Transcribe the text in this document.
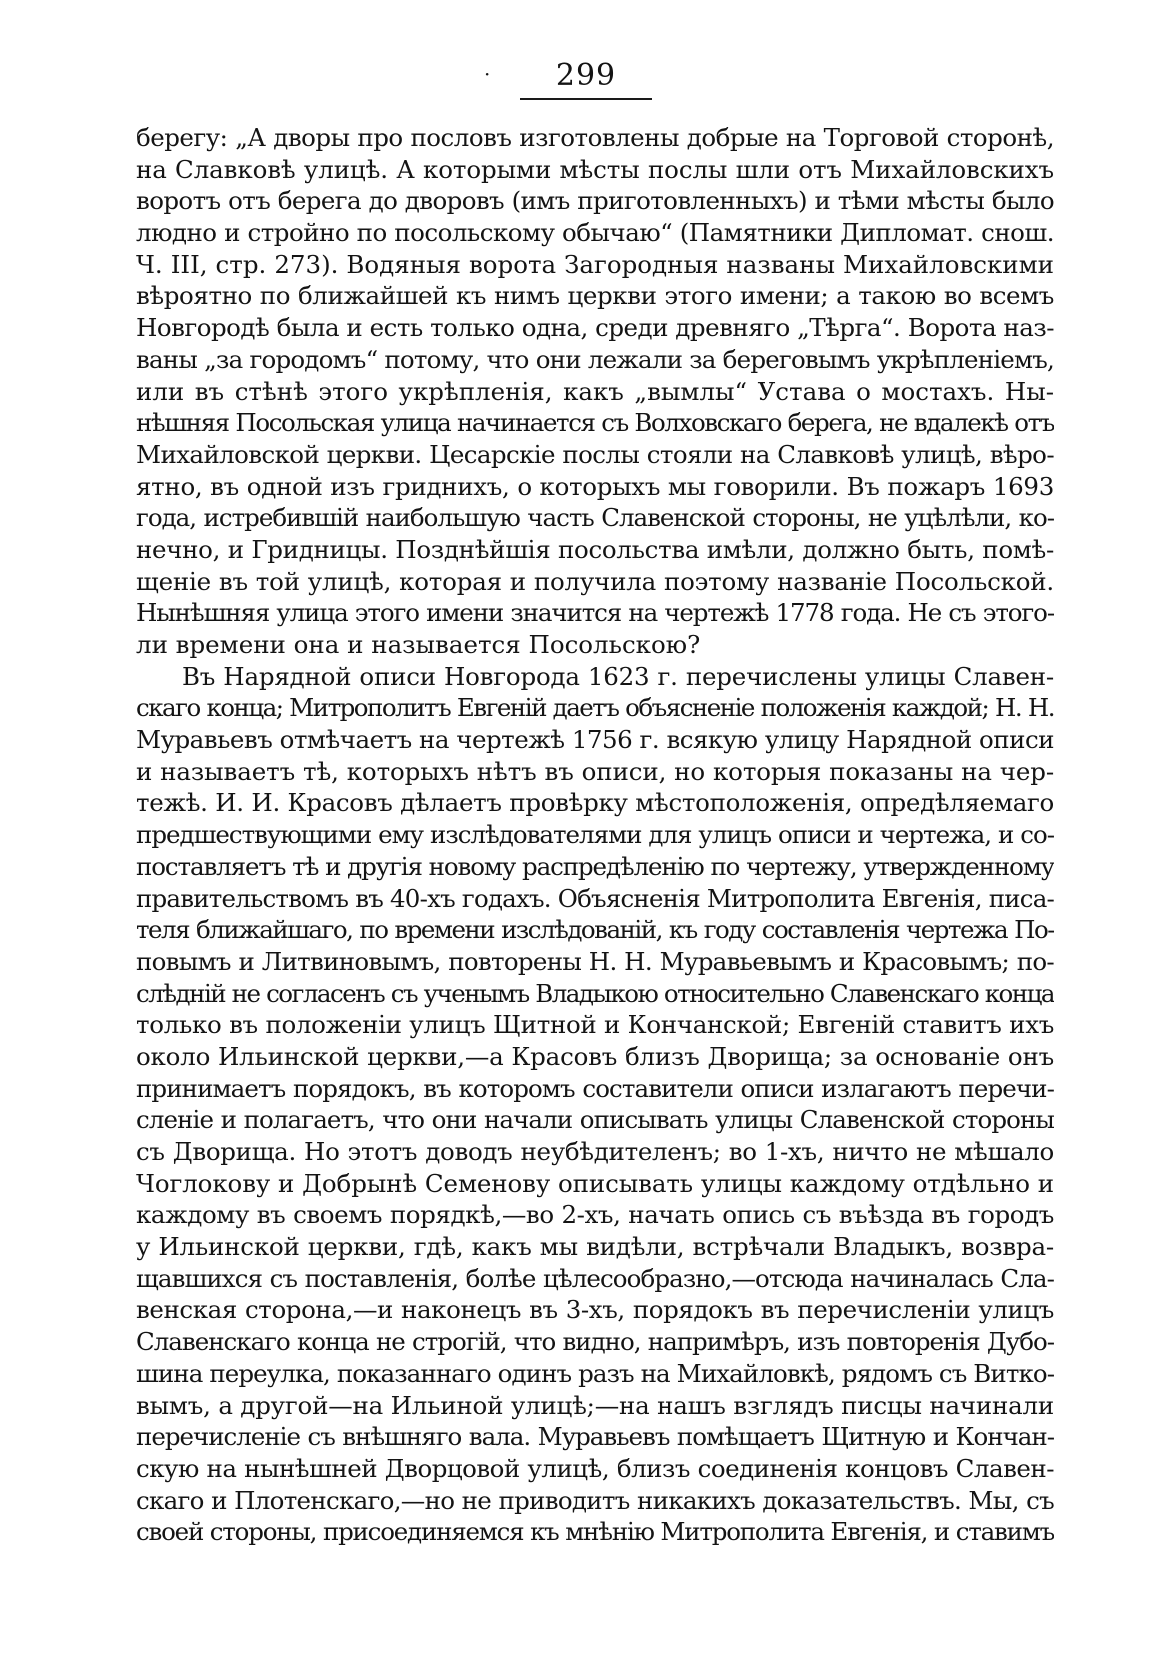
·	299
берегу: „А дворы про пословъ изготовлены добрые на Торговой сторонѣ,
на Славковѣ улицѣ. А которыми мѣсты послы шли отъ Михайловскихъ
воротъ отъ берега до дворовъ (имъ приготовленныхъ) и тѣми мѣсты было
людно и стройно по посольскому обычаю“ (Памятники Дипломат. снош.
Ч. III, стр. 273). Водяныя ворота Загородныя названы Михайловскими
вѣроятно по ближайшей къ нимъ церкви этого имени; а такою во всемъ
Новгородѣ была и есть только одна, среди древняго „Тѣрга“. Ворота наз-
ваны „за городомъ“ потому, что они лежали за береговымъ укрѣпленіемъ,
или въ стѣнѣ этого укрѣпленія, какъ „вымлы“ Устава о мостахъ. Ны-
нѣшняя Посольская улица начинается съ Волховскаго берега, не вдалекѣ отъ
Михайловской церкви. Цесарскіе послы стояли на Славковѣ улицѣ, вѣро-
ятно, въ одной изъ гриднихъ, о которыхъ мы говорили. Въ пожаръ 1693
года, истребившій наибольшую часть Славенской стороны, не уцѣлѣли, ко-
нечно, и Гридницы. Позднѣйшія посольства имѣли, должно быть, помѣ-
щеніе въ той улицѣ, которая и получила поэтому названіе Посольской.
Нынѣшняя улица этого имени значится на чертежѣ 1778 года. Не съ этого-
ли времени она и называется Посольскою?
Въ Нарядной описи Новгорода 1623 г. перечислены улицы Славен-
скаго конца; Митрополитъ Евгеній даетъ объясненіе положенія каждой; Н. Н.
Муравьевъ отмѣчаетъ на чертежѣ 1756 г. всякую улицу Нарядной описи
и называетъ тѣ, которыхъ нѣтъ въ описи, но которыя показаны на чер-
тежѣ. И. И. Красовъ дѣлаетъ провѣрку мѣстоположенія, опредѣляемаго
предшествующими ему изслѣдователями для улицъ описи и чертежа, и со-
поставляетъ тѣ и другія новому распредѣленію по чертежу, утвержденному
правительствомъ въ 40-хъ годахъ. Объясненія Митрополита Евгенія, писа-
теля ближайшаго, по времени изслѣдованій, къ году составленія чертежа По-
повымъ и Литвиновымъ, повторены Н. Н. Муравьевымъ и Красовымъ; по-
слѣдній не согласенъ съ ученымъ Владыкою относительно Славенскаго конца
только въ положеніи улицъ Щитной и Кончанской; Евгеній ставитъ ихъ
около Ильинской церкви,—а Красовъ близъ Дворища; за основаніе онъ
принимаетъ порядокъ, въ которомъ составители описи излагаютъ перечи-
сленіе и полагаетъ, что они начали описывать улицы Славенской стороны
съ Дворища. Но этотъ доводъ неубѣдителенъ; во 1-хъ, ничто не мѣшало
Чоглокову и Добрынѣ Семенову описывать улицы каждому отдѣльно и
каждому въ своемъ порядкѣ,—во 2-хъ, начать опись съ въѣзда въ городъ
у Ильинской церкви, гдѣ, какъ мы видѣли, встрѣчали Владыкъ, возвра-
щавшихся съ поставленія, болѣе цѣлесообразно,—отсюда начиналась Сла-
венская сторона,—и наконецъ въ 3-хъ, порядокъ въ перечисленіи улицъ
Славенскаго конца не строгій, что видно, напримѣръ, изъ повторенія Дубо-
шина переулка, показаннаго одинъ разъ на Михайловкѣ, рядомъ съ Витко-
вымъ, а другой—на Ильиной улицѣ;—на нашъ взглядъ писцы начинали
перечисленіе съ внѣшняго вала. Муравьевъ помѣщаетъ Щитную и Кончан-
скую на нынѣшней Дворцовой улицѣ, близъ соединенія концовъ Славен-
скаго и Плотенскаго,—но не приводитъ никакихъ доказательствъ. Мы, съ
своей стороны, присоединяемся къ мнѣнію Митрополита Евгенія, и ставимъ
